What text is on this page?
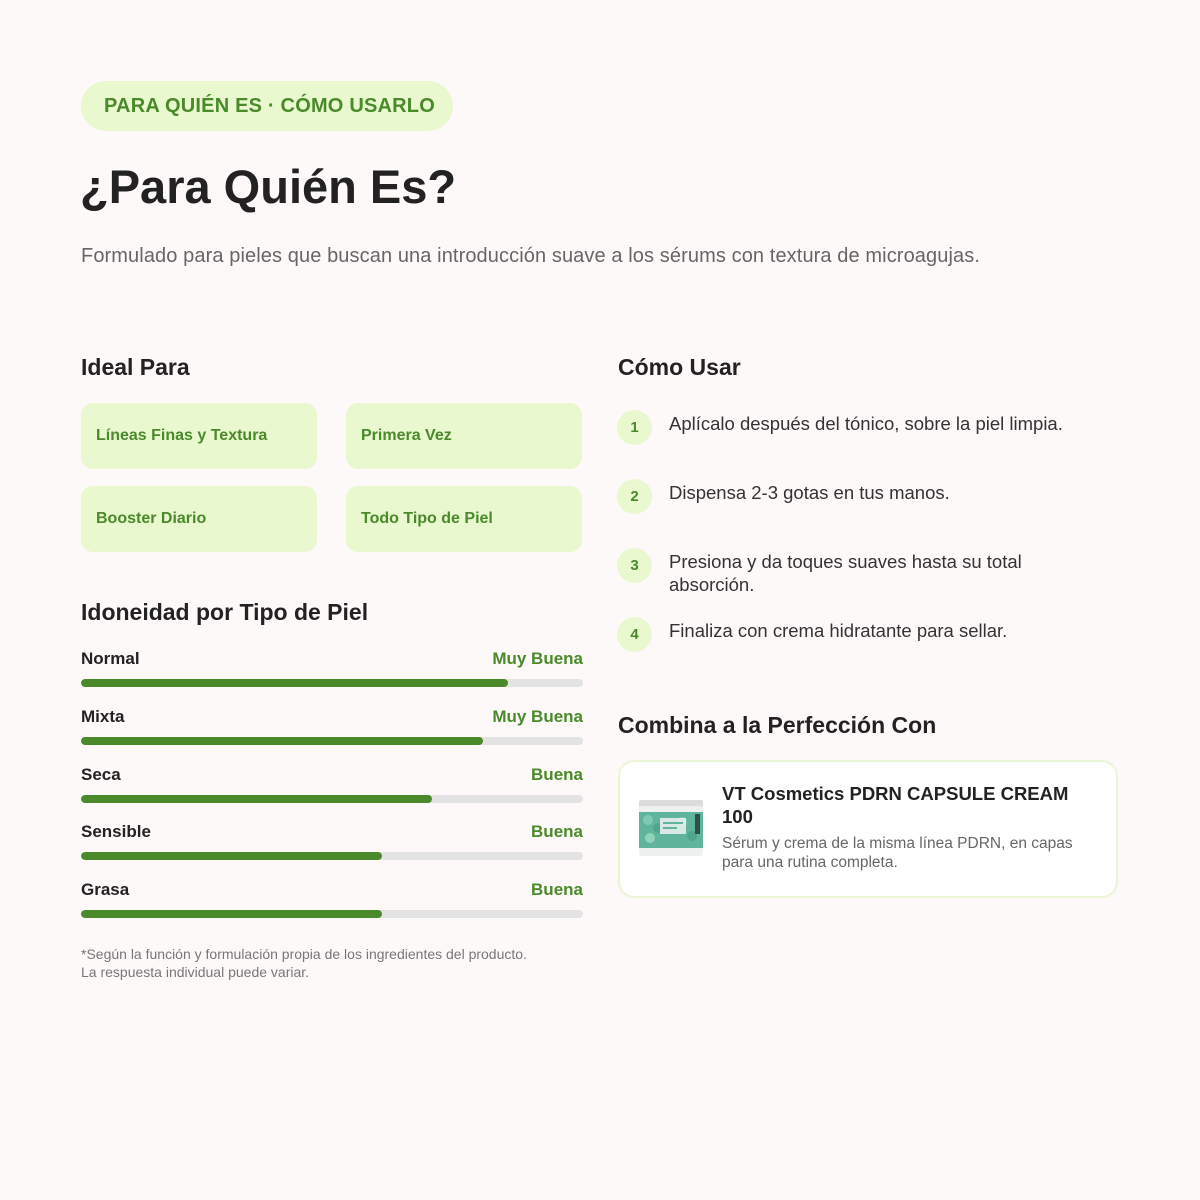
PARA QUIÉN ES · CÓMO USARLO
¿Para Quién Es?

Formulado para pieles que buscan una introducción suave a los sérums con textura de microagujas.

Ideal Para
Líneas Finas y Textura	Primera Vez
Booster Diario	Todo Tipo de Piel
Idoneidad por Tipo de Piel
Normal	Muy Buena
Mixta	Muy Buena
Seca	Buena
Sensible	Buena
Grasa	Buena

*Según la función y formulación propia de los ingredientes del producto.
La respuesta individual puede variar.

Cómo Usar
1	Aplícalo después del tónico, sobre la piel limpia.
2	Dispensa 2-3 gotas en tus manos.
3	Presiona y da toques suaves hasta su total absorción.
4	Finaliza con crema hidratante para sellar.
Combina a la Perfección Con

VT Cosmetics PDRN CAPSULE CREAM 100

Sérum y crema de la misma línea PDRN, en capas para una rutina completa.
